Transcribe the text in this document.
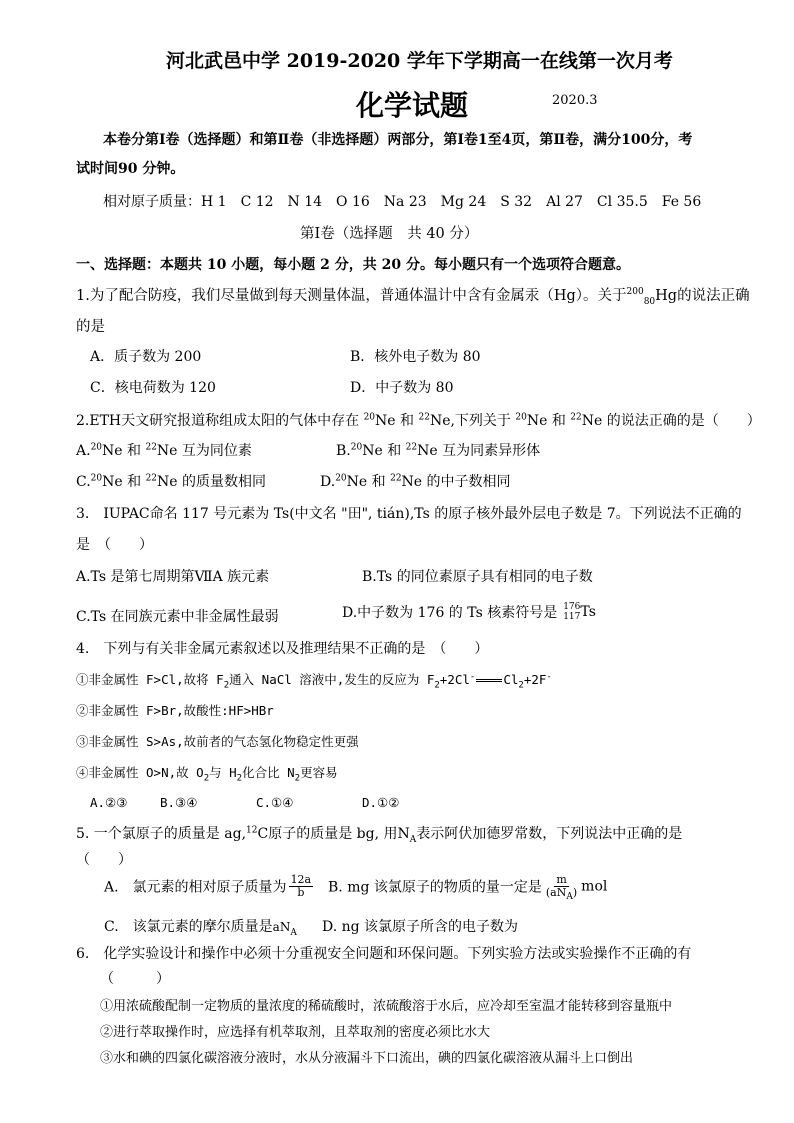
河北武邑中学 2019-2020 学年下学期高一在线第一次月考
化学试题	2020.3
本卷分第Ⅰ卷（选择题）和第Ⅱ卷（非选择题）两部分，第Ⅰ卷1至4页，第Ⅱ卷，满分100分，考
试时间90 分钟。
相对原子质量：H 1　C 12　N 14　O 16　Na 23　Mg 24　S 32　Al 27　Cl 35.5　Fe 56
第Ⅰ卷（选择题　共 40 分）
一、选择题：本题共 10 小题，每小题 2 分，共 20 分。每小题只有一个选项符合题意。
1.为了配合防疫，我们尽量做到每天测量体温，普通体温计中含有金属汞（Hg）。关于$^{200}_{80}$Hg的说法正确
的是
A．质子数为 200	B．核外电子数为 80
C．核电荷数为 120	D．中子数为 80
2.ETH天文研究报道称组成太阳的气体中存在 $^{20}$Ne 和 $^{22}$Ne,下列关于 $^{20}$Ne 和 $^{22}$Ne 的说法正确的是（　　）
A.$^{20}$Ne 和 $^{22}$Ne 互为同位素	B.$^{20}$Ne 和 $^{22}$Ne 互为同素异形体
C.$^{20}$Ne 和 $^{22}$Ne 的质量数相同	D.$^{20}$Ne 和 $^{22}$Ne 的中子数相同
3.　IUPAC命名 117 号元素为 Ts(中文名 "田", tián),Ts 的原子核外最外层电子数是 7。下列说法不正确的
是　（　　）
A.Ts 是第七周期第ⅦA 族元素	B.Ts 的同位素原子具有相同的电子数
C.Ts 在同族元素中非金属性最弱	D.中子数为 176 的 Ts 核素符号是 176
117 Ts
4.　下列与有关非金属元素叙述以及推理结果不正确的是　（　　）
①非金属性 F>Cl,故将 $F_2$通入 NaCl 溶液中,发生的反应为 $F_2+2Cl^-$ $Cl_2+2F^-$
②非金属性 F>Br,故酸性:HF>HBr
③非金属性 S>As,故前者的气态氢化物稳定性更强
④非金属性 O>N,故 $O_2$与 $H_2$化合比 $N_2$更容易
A.②③	B.③④	C.①④	D.①②
5. 一个氯原子的质量是 ag,$^{12}$C原子的质量是 bg, 用$N_A$表示阿伏加德罗常数，下列说法中正确的是
（　　）
A.　氯元素的相对原子质量为 $\frac{12a}{b} B$. mg 该氯原子的物质的量一定是 $\frac{m}{(aN_A)}$ mol
C.　该氯元素的摩尔质量是$aN_A$ D. ng 该氯原子所含的电子数为
6.　化学实验设计和操作中必须十分重视安全问题和环保问题。下列实验方法或实验操作不正确的有
（　　　）
①用浓硫酸配制一定物质的量浓度的稀硫酸时，浓硫酸溶于水后，应冷却至室温才能转移到容量瓶中
②进行萃取操作时，应选择有机萃取剂，且萃取剂的密度必须比水大
③水和碘的四氯化碳溶液分液时，水从分液漏斗下口流出，碘的四氯化碳溶液从漏斗上口倒出
